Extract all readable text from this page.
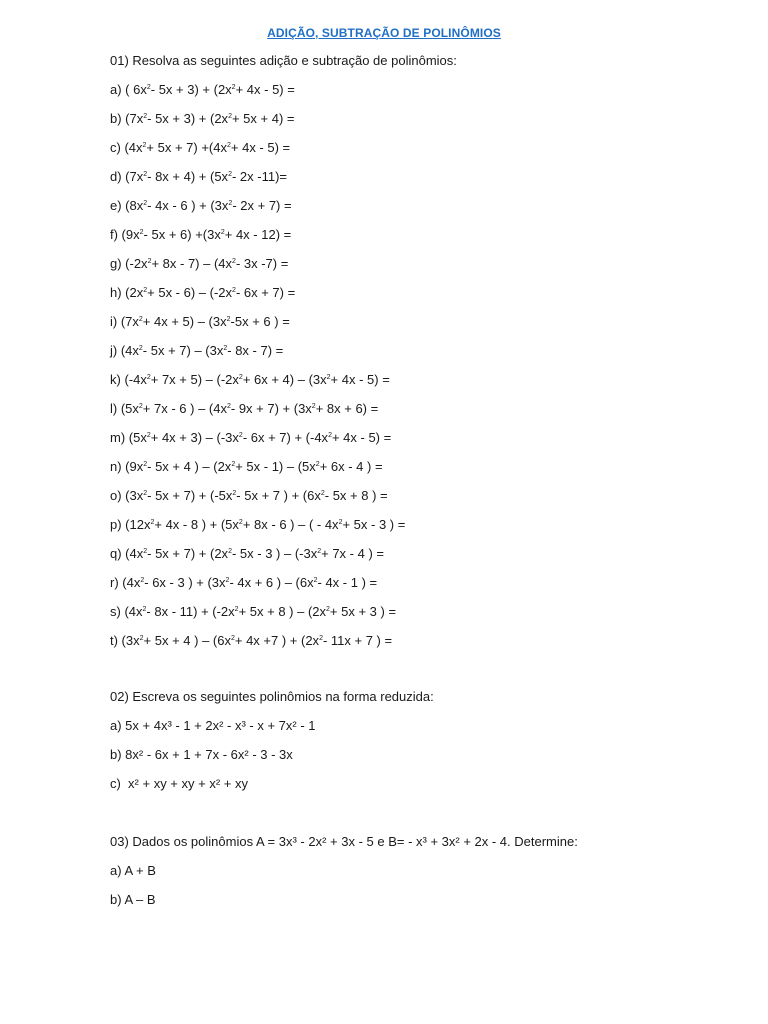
ADIÇÃO, SUBTRAÇÃO DE POLINÔMIOS
01) Resolva as seguintes adição e subtração de polinômios:
a) ( $6x^2-$ $5x + 3) + (2x^2+ 4x - 5)$ =
b) ($7x^2-$ $5x + 3) + (2x^2+ 5x + 4)$ =
c) $(4x^2+ 5x + 7) +(4x^2+ 4x - 5)$ =
d) ($7x^2-$ $8x + 4) + (5x^2-$ 2x -11)=
e) ($8x^2-$ 4x - 6 ) + ($3x^2-$ 2x + 7) =
f) ($9x^2-$ $5x + 6) +(3x^2+ 4x - 12)$ =
g) $(-2x^2+ 8x - 7) - (4x^2-$ 3x -7) =
h) $(2x^2+ 5x - 6) - (-2x^2-$ 6x + 7) =
i) $(7x^2+ 4x + 5) - (3x^2-5x + 6$ ) =
j) ($4x^2-$ $5x + 7) - (3x^2-$ 8x - 7) =
k) $(-4x^2+ 7x + 5) - (-2x^2+ 6x + 4) - (3x^2+ 4x - 5)$ =
l) ($5x^2+ 7x - 6$ ) – ($4x^2-$ $9x + 7) + (3x^2+ 8x + 6)$ =
m) $(5x^2+ 4x + 3) - (-3x^2-$ $6x + 7) + (-4x^2+ 4x - 5)$ =
n) ($9x^2-$ 5x + 4 ) – $(2x^2+ 5x - 1) - (5x^2+ 6x - 4$ ) =
o) ($3x^2-$ $5x + 7) + (-5x^2-$ 5x + 7 ) + ($6x^2-$ 5x + 8 ) =
p) ($12x^2+ 4x - 8$ ) + ($5x^2+ 8x - 6$ ) – ( - $4x^2+ 5x - 3$ ) =
q) ($4x^2-$ $5x + 7) + (2x^2-$ 5x - 3 ) – ($-3x^2+ 7x - 4$ ) =
r) ($4x^2-$ 6x - 3 ) + ($3x^2-$ 4x + 6 ) – ($6x^2-$ 4x - 1 ) =
s) ($4x^2-$ $8x - 11) + (-2x^2+ 5x + 8$ ) – ($2x^2+ 5x + 3$ ) =
t) ($3x^2+ 5x + 4$ ) – ($6x^2+ 4x +7$ ) + ($2x^2-$ 11x + 7 ) =
02) Escreva os seguintes polinômios na forma reduzida:
a) 5x + 4x³ - 1 + 2x² - x³ - x + 7x² - 1
b) 8x² - 6x + 1 + 7x - 6x² - 3 - 3x
c)  x² + xy + xy + x² + xy
03) Dados os polinômios A = 3x³ - 2x² + 3x - 5 e B= - x³ + 3x² + 2x - 4. Determine:
a) A + B
b) A – B
